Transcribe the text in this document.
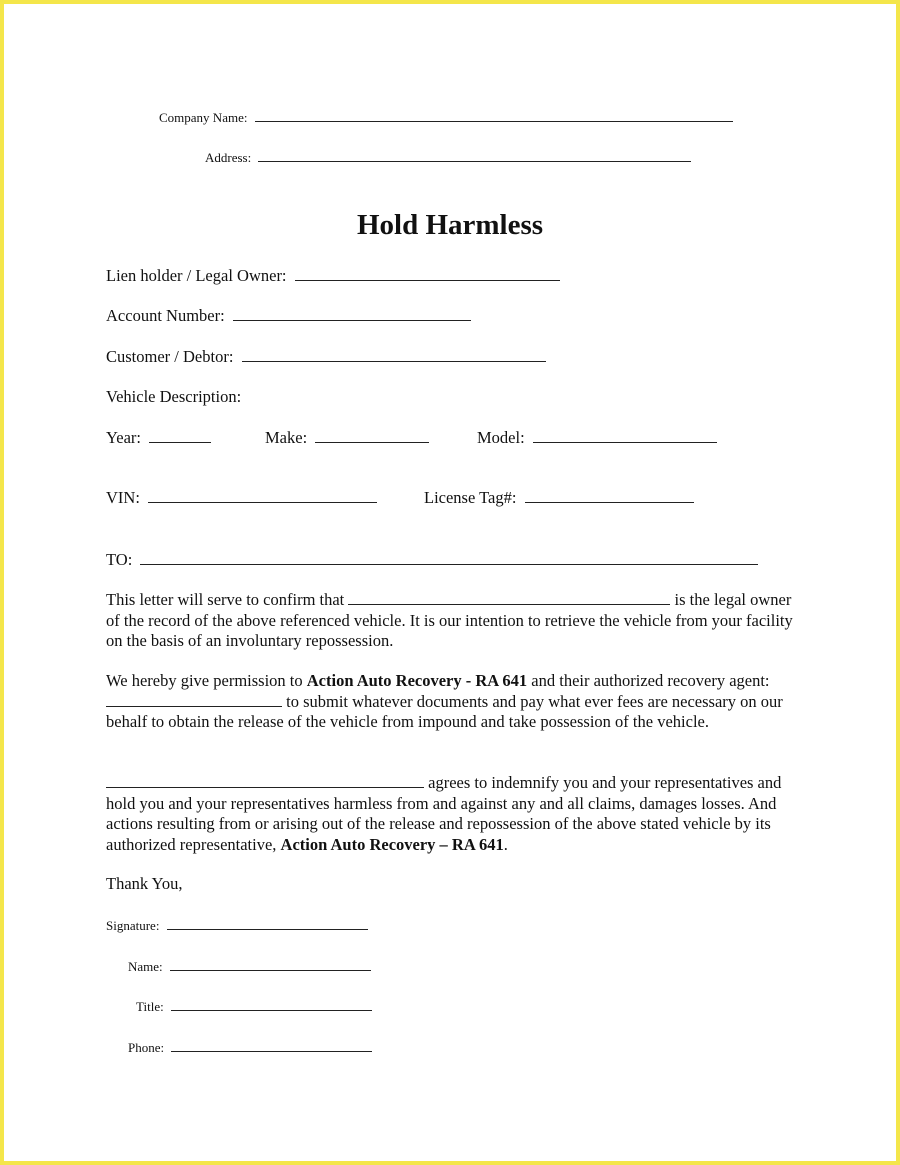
Company Name:
Address:
Hold Harmless
Lien holder / Legal Owner:
Account Number:
Customer / Debtor:
Vehicle Description:
Year:	Make:	Model:
VIN:	License Tag#:
TO:
This letter will serve to confirm that	is the legal owner of the record of the above referenced vehicle. It is our intention to retrieve the vehicle from your facility on the basis of an involuntary repossession.
We hereby give permission to Action Auto Recovery - RA 641 and their authorized recovery agent:  to submit whatever documents and pay what ever fees are necessary on our behalf to obtain the release of the vehicle from impound and take possession of the vehicle.
agrees to indemnify you and your representatives and hold you and your representatives harmless from and against any and all claims, damages losses. And actions resulting from or arising out of the release and repossession of the above stated vehicle by its authorized representative, Action Auto Recovery – RA 641.
Thank You,
Signature:
Name:
Title:
Phone:
